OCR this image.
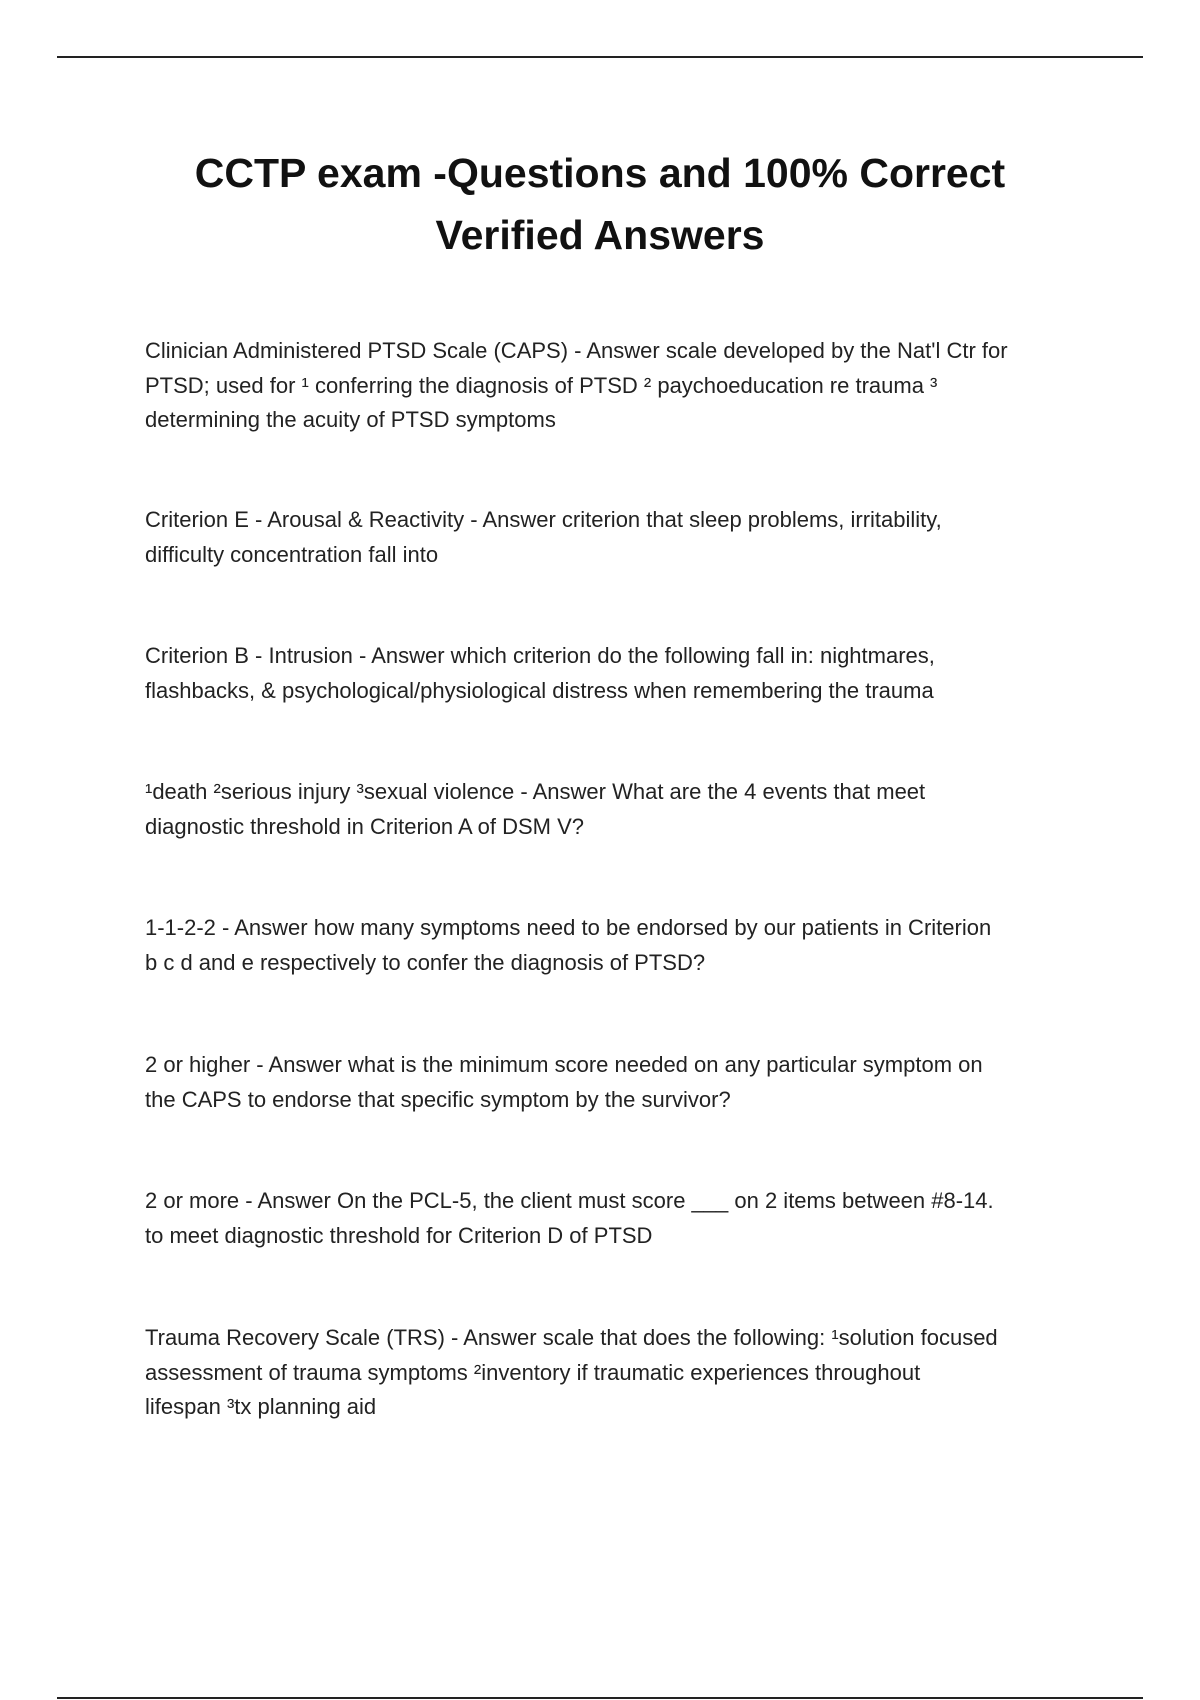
CCTP exam -Questions and 100% Correct
Verified Answers

Clinician Administered PTSD Scale (CAPS) - Answer scale developed by the Nat'l Ctr for
PTSD; used for ¹ conferring the diagnosis of PTSD ² paychoeducation re trauma ³
determining the acuity of PTSD symptoms

Criterion E - Arousal & Reactivity - Answer criterion that sleep problems, irritability,
difficulty concentration fall into

Criterion B - Intrusion - Answer which criterion do the following fall in: nightmares,
flashbacks, & psychological/physiological distress when remembering the trauma

¹death ²serious injury ³sexual violence - Answer What are the 4 events that meet
diagnostic threshold in Criterion A of DSM V?

1-1-2-2 - Answer how many symptoms need to be endorsed by our patients in Criterion
b c d and e respectively to confer the diagnosis of PTSD?

2 or higher - Answer what is the minimum score needed on any particular symptom on
the CAPS to endorse that specific symptom by the survivor?

2 or more - Answer On the PCL-5, the client must score ___ on 2 items between #8-14.
to meet diagnostic threshold for Criterion D of PTSD

Trauma Recovery Scale (TRS) - Answer scale that does the following: ¹solution focused
assessment of trauma symptoms ²inventory if traumatic experiences throughout
lifespan ³tx planning aid
